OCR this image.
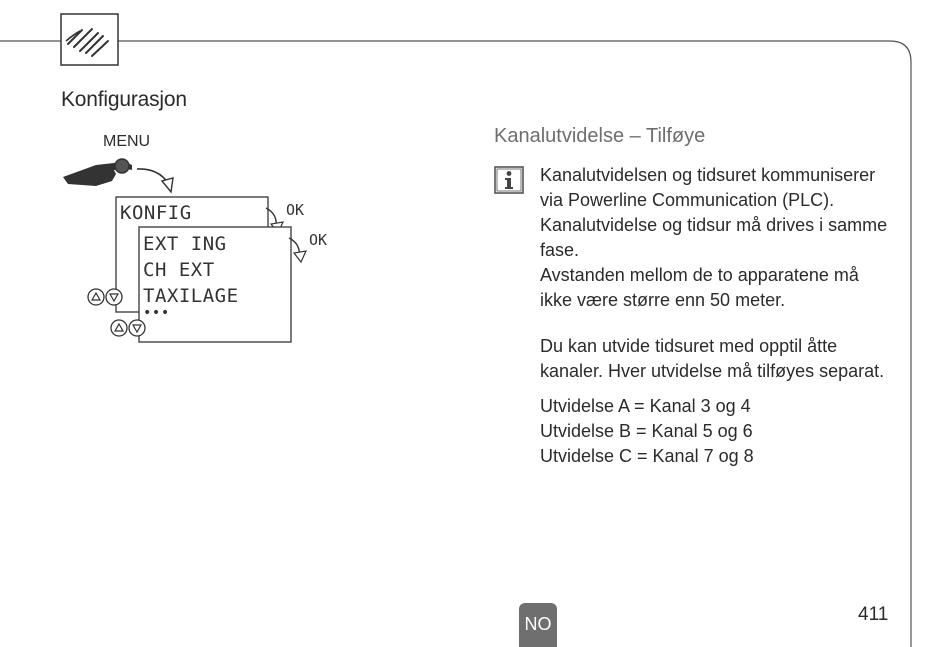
Konfigurasjon
MENU
KONFIG	OK
OK
EXT ING
CH EXT
TAXILAGE
•••
Kanalutvidelse – Tilføye
Kanalutvidelsen og tidsuret kommuniserer
via Powerline Communication (PLC).
Kanalutvidelse og tidsur må drives i samme
fase.
Avstanden mellom de to apparatene må
ikke være større enn 50 meter.
Du kan utvide tidsuret med opptil åtte
kanaler. Hver utvidelse må tilføyes separat.
Utvidelse A = Kanal 3 og 4
Utvidelse B = Kanal 5 og 6
Utvidelse C = Kanal 7 og 8
NO	411
